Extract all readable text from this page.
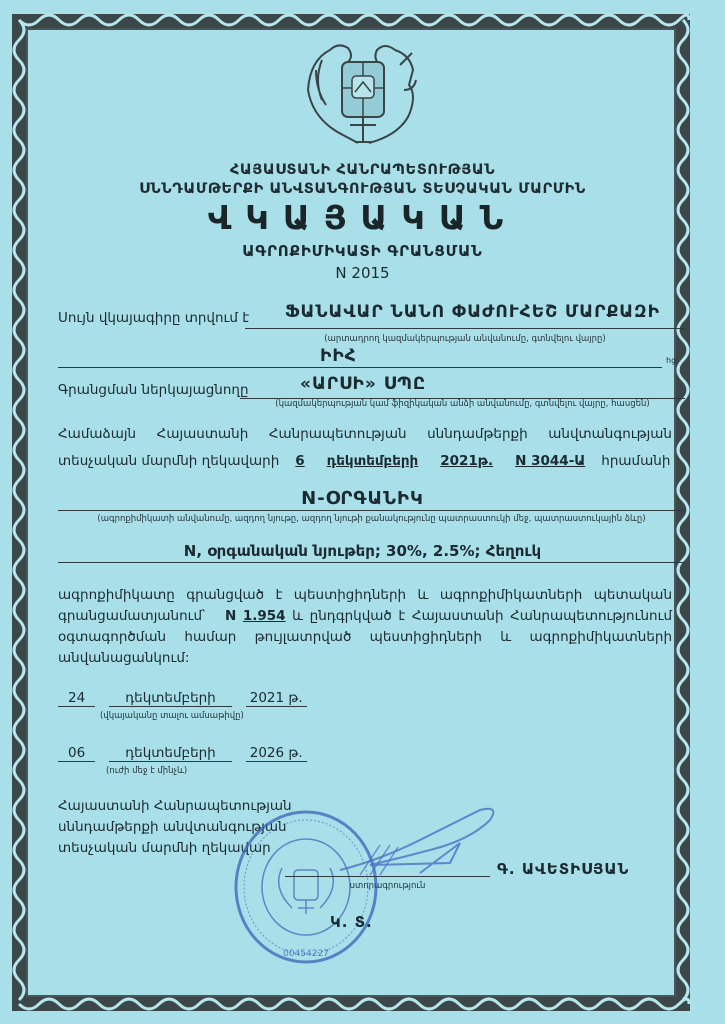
ՀԱՅԱՍՏԱՆԻ ՀԱՆՐԱՊԵՏՈՒԹՅԱՆ
ՍՆՆԴԱՄԹԵՐՔԻ ԱՆՎՏԱՆԳՈՒԹՅԱՆ ՏԵՍՉԱԿԱՆ ՄԱՐՄԻՆ
ՎԿԱՅԱԿԱՆ
ԱԳՐՈՔԻՄԻԿԱՏԻ ԳՐԱՆՑՄԱՆ
N 2015
Սույն վկայագիրը տրվում է ՖԱՆԱՎԱՐ ՆԱՆՈ ՓԱԺՈՒՀԵՇ ՄԱՐՔԱԶԻ
(արտադրող կազմակերպության անվանումը, գտնվելու վայրը)
ԻԻՀ	hg
Գրանցման ներկայացնողը	«ԱՐՍԻ» ՍՊԸ
(կազմակերպության կամ ֆիզիկական անձի անվանումը, գտնվելու վայրը, հասցեն)
Համաձայն Հայաստանի Հանրապետության սննդամթերքի անվտանգության
տեսչական մարմնի ղեկավարի	6	դեկտեմբերի	2021թ.	N 3044-Ա	հրամանի
N-ՕՐԳԱՆԻԿ
(ագրոքիմիկատի անվանումը, ազդող նյութը, ազդող նյութի քանակությունը պատրաստուկի մեջ, պատրաստուկային ձևը)
N, օրգանական նյութեր; 30%, 2.5%; Հեղուկ
ագրոքիմիկատը գրանցված է պեստիցիդների և ագրոքիմիկատների պետական գրանցամատյանում՝ N 1.954 և ընդգրկված է Հայաստանի Հանրապետությունում օգտագործման համար թույլատրված պեստիցիդների և ագրոքիմիկատների անվանացանկում:
24	դեկտեմբերի	2021 թ.
(վկայականը տալու ամսաթիվը)
06	դեկտեմբերի	2026 թ.
(ուժի մեջ է մինչև)
Հայաստանի Հանրապետության
սննդամթերքի անվտանգության
տեսչական մարմնի ղեկավար
00454227
ստորագրություն
Գ. ԱՎԵՏԻՍՅԱՆ
Կ. Տ.
